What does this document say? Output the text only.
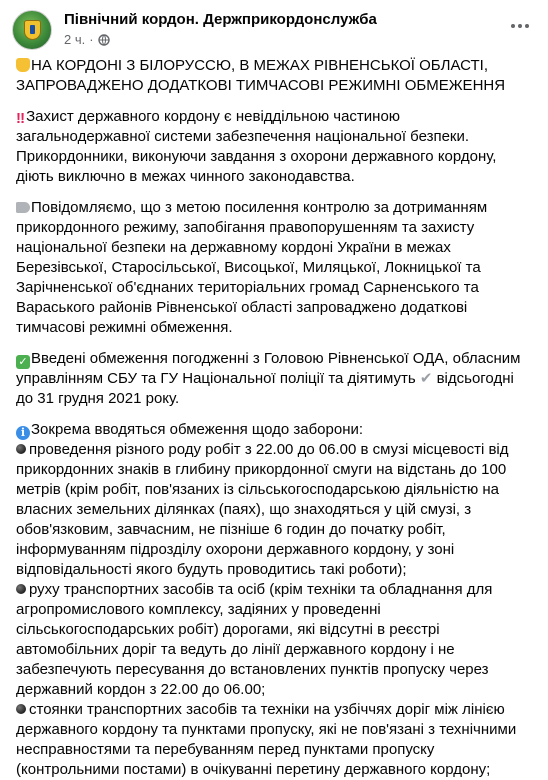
Північний кордон. Держприкордонслужба
2 ч. ·

НА КОРДОНІ З БІЛОРУССЮ, В МЕЖАХ РІВНЕНСЬКОЇ ОБЛАСТІ, ЗАПРОВАДЖЕНО ДОДАТКОВІ ТИМЧАСОВІ РЕЖИМНІ ОБМЕЖЕННЯ

‼Захист державного кордону є невіддільною частиною загальнодержавної системи забезпечення національної безпеки. Прикордонники, виконуючи завдання з охорони державного кордону, діють виключно в межах чинного законодавства.

Повідомляємо, що з метою посилення контролю за дотриманням прикордонного режиму, запобігання правопорушенням та захисту національної безпеки на державному кордоні України в межах Березівської, Старосільської, Висоцької, Миляцької, Локницької та Зарічненської об'єднаних територіальних громад Сарненського та Вараського районів Рівненської області запроваджено додаткові тимчасові режимні обмеження.

✓ Введені обмеження погодженні з Головою Рівненської ОДА, обласним управлінням СБУ та ГУ Національної поліції та діятимуть ✔ відсьогодні до 31 грудня 2021 року.

i Зокрема вводяться обмеження щодо заборони:

проведення різного роду робіт з 22.00 до 06.00 в смузі місцевості від прикордонних знаків в глибину прикордонної смуги на відстань до 100 метрів (крім робіт, пов'язаних із сільськогосподарською діяльністю на власних земельних ділянках (паях), що знаходяться у цій смузі, з обов'язковим, завчасним, не пізніше 6 годин до початку робіт, інформуванням підрозділу охорони державного кордону, у зоні відповідальності якого будуть проводитись такі роботи);

руху транспортних засобів та осіб (крім техніки та обладнання для агропромислового комплексу, задіяних у проведенні сільськогосподарських робіт) дорогами, які відсутні в реєстрі автомобільних доріг та ведуть до лінії державного кордону і не забезпечують пересування до встановлених пунктів пропуску через державний кордон з 22.00 до 06.00;

стоянки транспортних засобів та техніки на узбіччях доріг між лінією державного кордону та пунктами пропуску, які не пов'язані з технічними несправностями та перебуванням перед пунктами пропуску (контрольними постами) в очікуванні перетину державного кордону;
